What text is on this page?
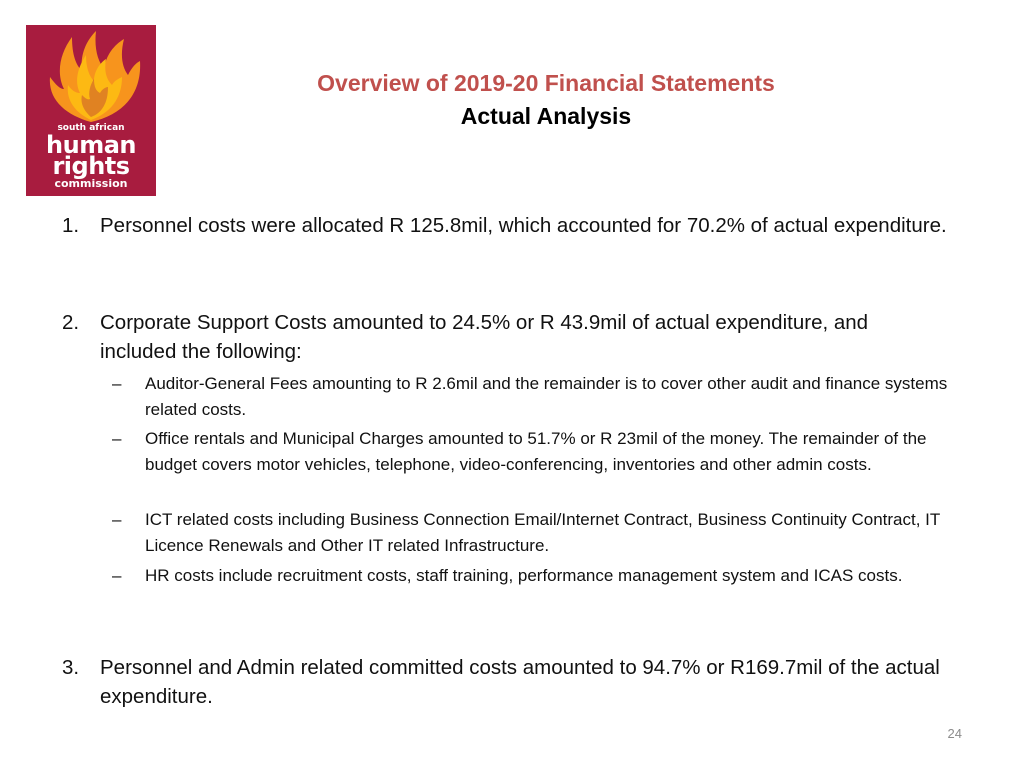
south african
human
rights
commission
Overview of 2019-20 Financial Statements
Actual Analysis
1. Personnel costs were allocated R 125.8mil, which accounted for 70.2% of actual expenditure.
2. Corporate Support Costs amounted to 24.5% or R 43.9mil of actual expenditure, and included the following:
– Auditor-General Fees amounting to R 2.6mil and the remainder is to cover other audit and finance systems related costs.
– Office rentals and Municipal Charges amounted to 51.7% or R 23mil of the money. The remainder of the budget covers motor vehicles, telephone, video-conferencing, inventories and other admin costs.
– ICT related costs including Business Connection Email/Internet Contract, Business Continuity Contract, IT Licence Renewals and Other IT related Infrastructure.
– HR costs include recruitment costs, staff training, performance management system and ICAS costs.
3. Personnel and Admin related committed costs amounted to 94.7% or R169.7mil of the actual expenditure.
24
